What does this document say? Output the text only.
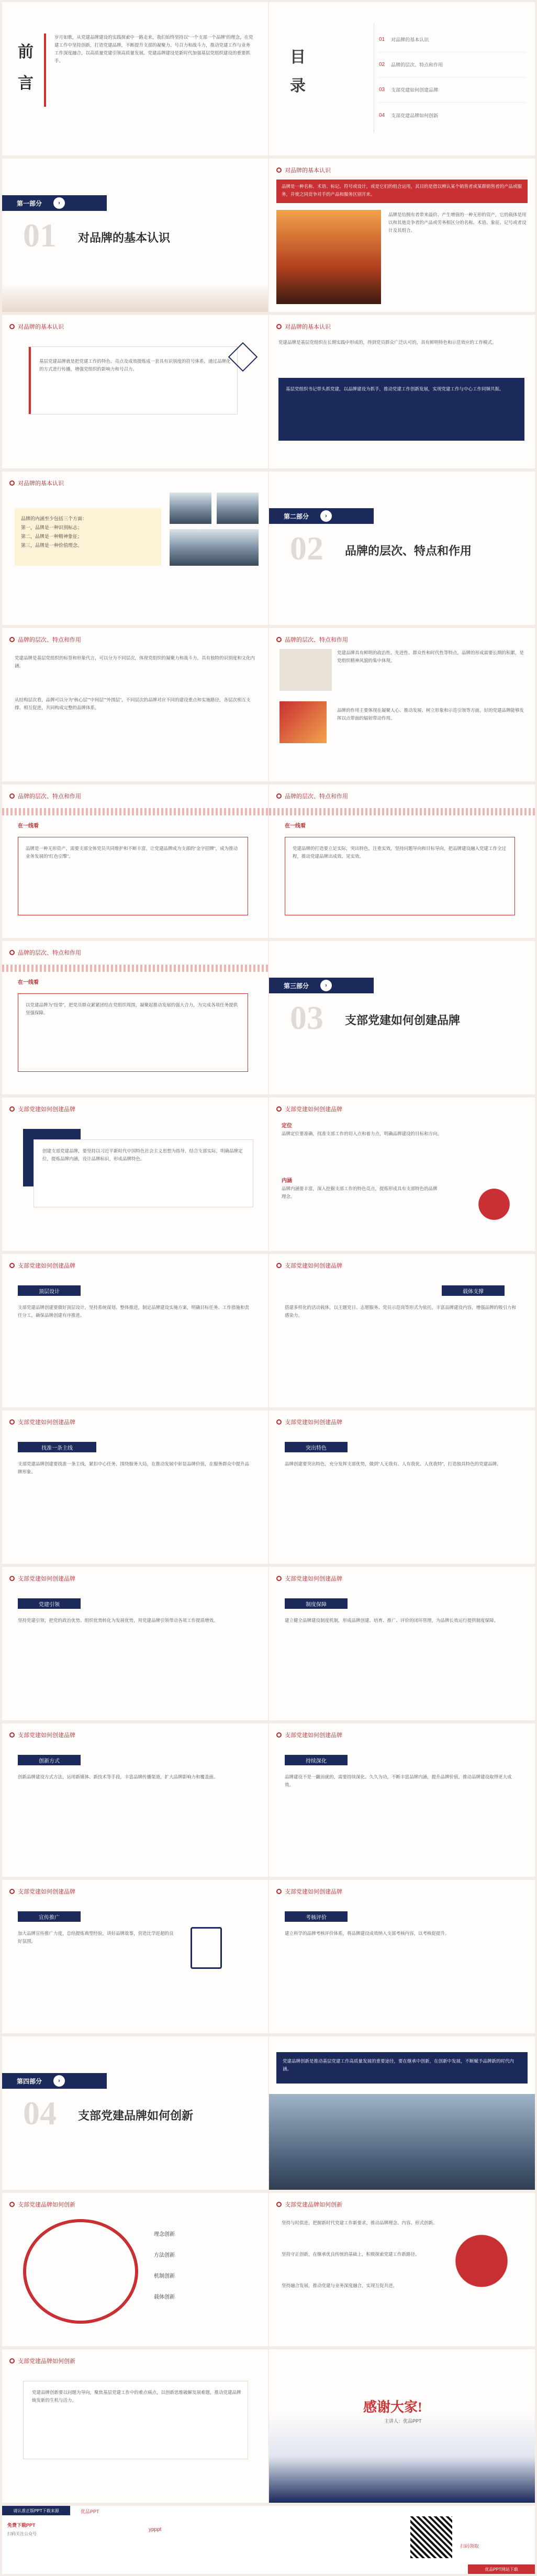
前
言
岁月如歌，从党建品牌建设的实践探索中一路走来，我们始终坚持以“一个支部一个品牌”的理念，在党建工作中坚持创新，打造党建品牌，不断提升支部的凝聚力、号召力和战斗力，推动党建工作与业务工作深度融合，以高质量党建引领高质量发展。党建品牌建设是新时代加强基层党组织建设的重要抓手。	目
录
01 对品牌的基本认识
02 品牌的层次、特点和作用
03 支部党建如何创建品牌
04 支部党建品牌如何创新
第一部分	›
01 对品牌的基本认识
对品牌的基本认识
品牌是一种名称、术语、标记、符号或设计，或是它们的组合运用，其目的是借以辨认某个销售者或某群销售者的产品或服务，并使之同竞争对手的产品和服务区别开来。
品牌是给拥有者带来溢价、产生增值的一种无形的资产，它的载体是用以和其他竞争者的产品或劳务相区分的名称、术语、象征、记号或者设计及其组合。
对品牌的基本认识
基层党建品牌就是把党建工作的特色、亮点及成效提炼成一套具有识别度的符号体系，通过品牌化的方式进行传播，增强党组织的影响力和号召力。
对品牌的基本认识
党建品牌是基层党组织在长期实践中形成的，得到党员群众广泛认可的，具有鲜明特色和示范效应的工作模式。
基层党组织书记带头抓党建，以品牌建设为抓手，推动党建工作创新发展，实现党建工作与中心工作同频共振。
对品牌的基本认识
品牌的内涵至少包括三个方面：
第一，品牌是一种识别标志；
第二，品牌是一种精神象征；
第三，品牌是一种价值理念。
第二部分	›
02 品牌的层次、特点和作用
品牌的层次、特点和作用
党建品牌是基层党组织的标签和形象代言，可以分为不同层次，体现党组织的凝聚力和战斗力，具有独特的识别度和文化内涵。
从结构层次看，品牌可以分为“核心层”“中间层”“外围层”，不同层次的品牌对应不同的建设重点和实施路径，各层次相互支撑、相互促进，共同构成完整的品牌体系。
品牌的层次、特点和作用
党建品牌具有鲜明的政治性、先进性、群众性和时代性等特点，品牌的形成需要长期的积累，是党组织精神风貌的集中体现。
品牌的作用主要体现在凝聚人心、推动发展、树立形象和示范引领等方面，好的党建品牌能够发挥以点带面的辐射带动作用。
品牌的层次、特点和作用
在一线看
品牌是一种无形资产，需要支部全体党员共同维护和不断丰富，让党建品牌成为支部的“金字招牌”，成为推动业务发展的“红色引擎”。
品牌的层次、特点和作用
在一线看
党建品牌的打造要立足实际，突出特色，注重实效，坚持问题导向和目标导向，把品牌建设融入党建工作全过程，推动党建品牌出成效、见实效。
品牌的层次、特点和作用
在一线看
以党建品牌为“纽带”，把党员群众紧紧团结在党组织周围，凝聚起推动发展的强大合力，为完成各项任务提供坚强保障。
第三部分	›
03 支部党建如何创建品牌
支部党建如何创建品牌
创建支部党建品牌，要坚持以习近平新时代中国特色社会主义思想为指导，结合支部实际，明确品牌定位，提炼品牌内涵，设计品牌标识，形成品牌特色。
支部党建如何创建品牌
定位
品牌定位要准确，找准支部工作的切入点和着力点，明确品牌建设的目标和方向。
内涵
品牌内涵要丰富，深入挖掘支部工作的特色亮点，提炼形成具有支部特色的品牌理念。
支部党建如何创建品牌
顶层设计
支部党建品牌创建要做好顶层设计，坚持系统谋划、整体推进，制定品牌建设实施方案，明确目标任务、工作措施和责任分工，确保品牌创建有序推进。
支部党建如何创建品牌
载体支撑
搭建多样化的活动载体，以主题党日、志愿服务、党员示范岗等形式为依托，丰富品牌建设内容，增强品牌的吸引力和感染力。
支部党建如何创建品牌
找准一条主线
支部党建品牌创建要找准一条主线，紧扣中心任务，围绕服务大局，在推动发展中彰显品牌价值，在服务群众中提升品牌形象。
支部党建如何创建品牌
突出特色
品牌创建要突出特色，充分发挥支部优势，做到“人无我有、人有我优、人优我特”，打造独具特色的党建品牌。
支部党建如何创建品牌
党建引领
坚持党建引领，把党的政治优势、组织优势转化为发展优势，用党建品牌引领带动各项工作提质增效。
支部党建如何创建品牌
制度保障
建立健全品牌建设制度机制，形成品牌创建、培育、推广、评价的闭环管理，为品牌长效运行提供制度保障。
支部党建如何创建品牌
创新方式
创新品牌建设方式方法，运用新媒体、新技术等手段，丰富品牌传播渠道，扩大品牌影响力和覆盖面。
支部党建如何创建品牌
持续深化
品牌建设不是一蹴而就的，需要持续深化、久久为功，不断丰富品牌内涵，提升品牌价值，推动品牌建设取得更大成效。
支部党建如何创建品牌
宣传推广
加大品牌宣传推广力度，总结提炼典型经验，讲好品牌故事，营造比学赶超的良好氛围。
支部党建如何创建品牌
考核评价
建立科学的品牌考核评价体系，将品牌建设成效纳入支部考核内容，以考核促提升。
第四部分	›
04 支部党建品牌如何创新
党建品牌创新是推动基层党建工作高质量发展的重要途径，要在继承中创新，在创新中发展，不断赋予品牌新的时代内涵。
支部党建品牌如何创新
理念创新
方法创新
机制创新
载体创新
支部党建品牌如何创新
坚持与时俱进，把握新时代党建工作新要求，推动品牌理念、内容、形式创新。
坚持守正创新，在继承优良传统的基础上，积极探索党建工作新路径。
坚持融合发展，推动党建与业务深度融合，实现互促共进。
支部党建品牌如何创新
党建品牌创新要以问题为导向，聚焦基层党建工作中的难点痛点，以创新思维破解发展难题，推动党建品牌焕发新的生机与活力。	感谢大家!
主讲人：优品PPT
请认准正版PPT下载来源	优品PPT
免费下载PPT
扫码关注公众号
ypppt
扫码领取
优品PPT网站下载
